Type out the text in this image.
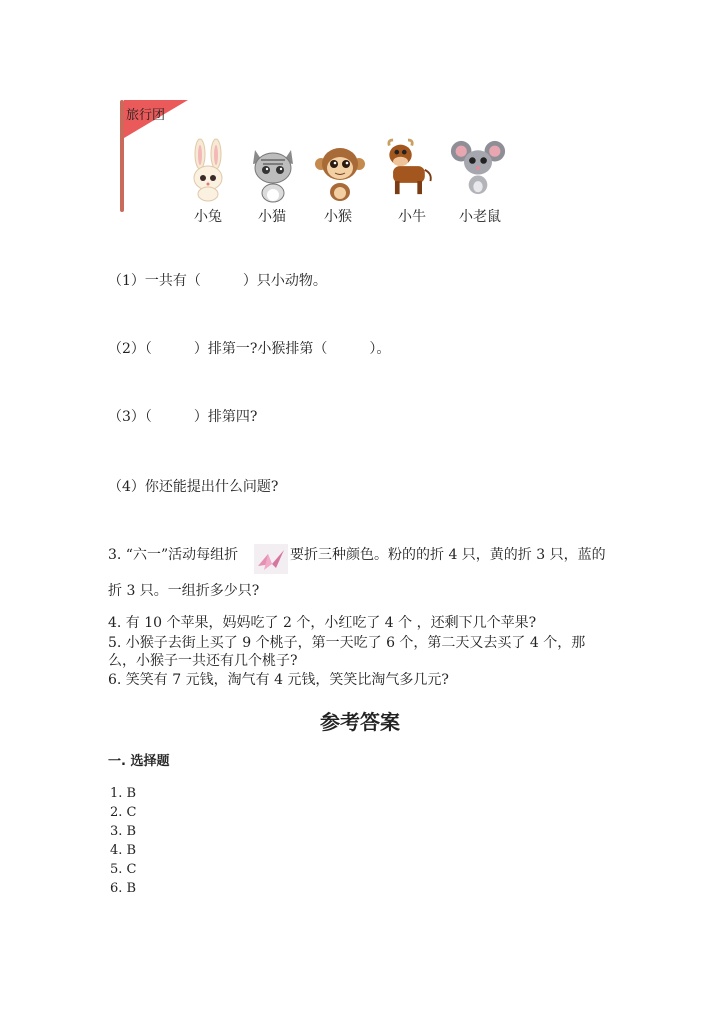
旅行团
小兔	小猫	小猴	小牛	小老鼠
（1）一共有（　　　）只小动物。
（2）（　　　）排第一?小猴排第（　　　）。
（3）（　　　）排第四?
（4）你还能提出什么问题?
3. “六一”活动每组折	要折三种颜色。粉的的折 4 只，黄的折 3 只，蓝的
折 3 只。一组折多少只?
4. 有 10 个苹果，妈妈吃了 2 个，小红吃了 4 个 ，还剩下几个苹果?
5. 小猴子去街上买了 9 个桃子，第一天吃了 6 个，第二天又去买了 4 个，那
么，小猴子一共还有几个桃子?
6. 笑笑有 7 元钱，淘气有 4 元钱，笑笑比淘气多几元?
参考答案
一. 选择题
1. B
2. C
3. B
4. B
5. C
6. B
